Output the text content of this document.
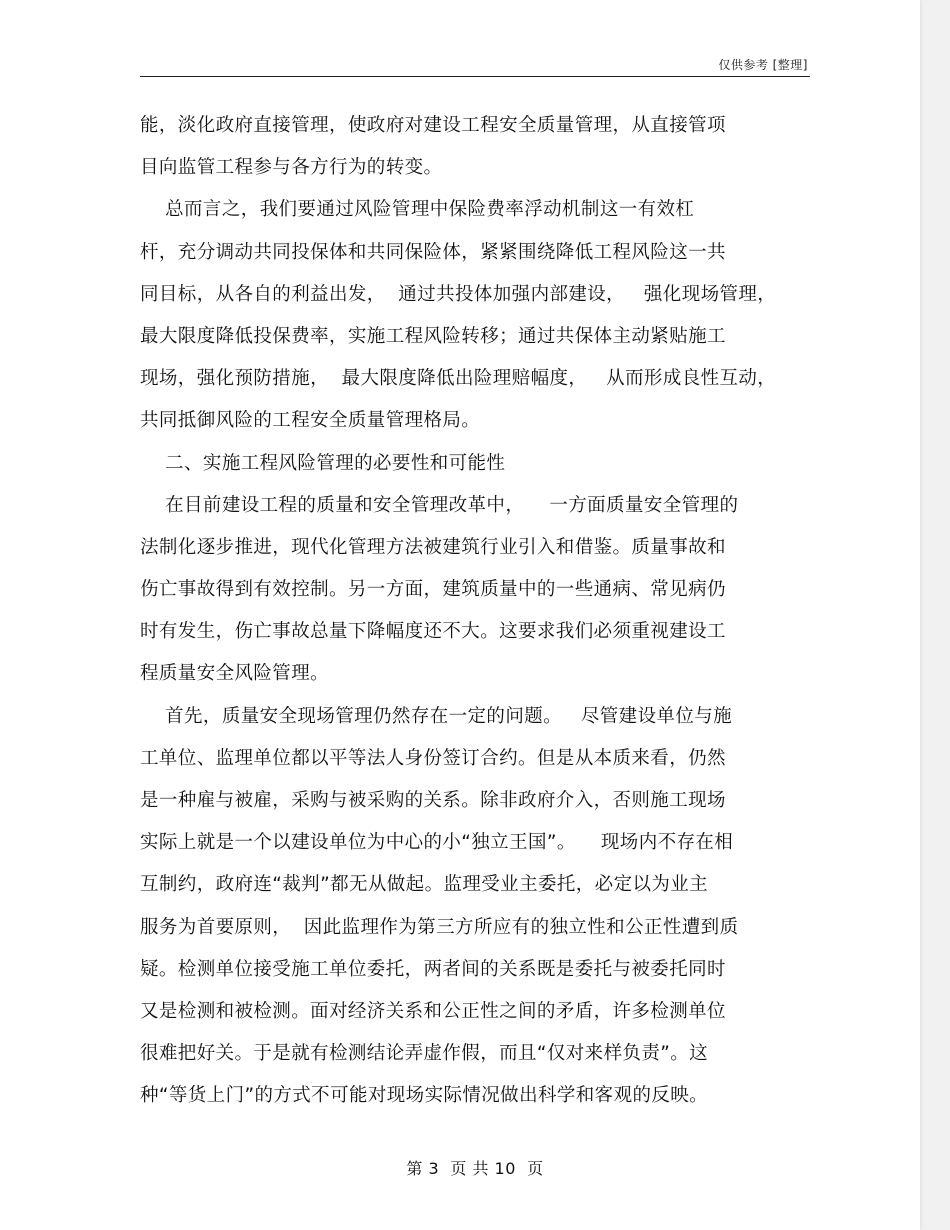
仅供参考 [整理]
能，淡化政府直接管理，使政府对建设工程安全质量管理，从直接管项
目向监管工程参与各方行为的转变。
总而言之，我们要通过风险管理中保险费率浮动机制这一有效杠
杆，充分调动共同投保体和共同保险体，紧紧围绕降低工程风险这一共
同目标，从各自的利益出发，  通过共投体加强内部建设，   强化现场管理，
最大限度降低投保费率，实施工程风险转移；通过共保体主动紧贴施工
现场，强化预防措施，  最大限度降低出险理赔幅度，   从而形成良性互动，
共同抵御风险的工程安全质量管理格局。
二、实施工程风险管理的必要性和可能性
在目前建设工程的质量和安全管理改革中，    一方面质量安全管理的
法制化逐步推进，现代化管理方法被建筑行业引入和借鉴。质量事故和
伤亡事故得到有效控制。另一方面，建筑质量中的一些通病、常见病仍
时有发生，伤亡事故总量下降幅度还不大。这要求我们必须重视建设工
程质量安全风险管理。
首先，质量安全现场管理仍然存在一定的问题。   尽管建设单位与施
工单位、监理单位都以平等法人身份签订合约。但是从本质来看，仍然
是一种雇与被雇，采购与被采购的关系。除非政府介入，否则施工现场
实际上就是一个以建设单位为中心的小“独立王国”。    现场内不存在相
互制约，政府连“裁判”都无从做起。监理受业主委托，必定以为业主
服务为首要原则，  因此监理作为第三方所应有的独立性和公正性遭到质
疑。检测单位接受施工单位委托，两者间的关系既是委托与被委托同时
又是检测和被检测。面对经济关系和公正性之间的矛盾，许多检测单位
很难把好关。于是就有检测结论弄虚作假，而且“仅对来样负责”。这
种“等货上门”的方式不可能对现场实际情况做出科学和客观的反映。
第 3  页 共 10  页
